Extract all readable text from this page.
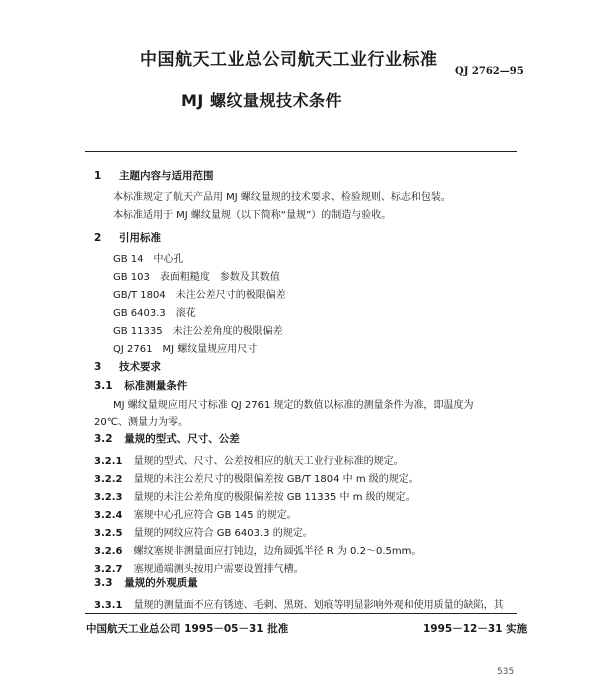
中国航天工业总公司航天工业行业标准
QJ 2762—95
MJ 螺纹量规技术条件
1 主题内容与适用范围
本标准规定了航天产品用 MJ 螺纹量规的技术要求、检验规则、标志和包装。
本标准适用于 MJ 螺纹量规（以下简称“量规”）的制造与验收。
2 引用标准
GB 14　中心孔
GB 103　表面粗糙度　参数及其数值
GB/T 1804　未注公差尺寸的极限偏差
GB 6403.3　滚花
GB 11335　未注公差角度的极限偏差
QJ 2761　MJ 螺纹量规应用尺寸
3 技术要求
3.1 标准测量条件
MJ 螺纹量规应用尺寸标准 QJ 2761 规定的数值以标准的测量条件为准，即温度为
20℃、测量力为零。
3.2 量规的型式、尺寸、公差
3.2.1 量规的型式、尺寸、公差按相应的航天工业行业标准的规定。
3.2.2 量规的未注公差尺寸的极限偏差按 GB/T 1804 中 m 级的规定。
3.2.3 量规的未注公差角度的极限偏差按 GB 11335 中 m 级的规定。
3.2.4 塞规中心孔应符合 GB 145 的规定。
3.2.5 量规的网纹应符合 GB 6403.3 的规定。
3.2.6 螺纹塞规非测量面应打钝边，边角圆弧半径 R 为 0.2～0.5mm。
3.2.7 塞规通端测头按用户需要设置排气槽。
3.3 量规的外观质量
3.3.1 量规的测量面不应有锈迹、毛刺、黑斑、划痕等明显影响外观和使用质量的缺陷，其
中国航天工业总公司 1995－05－31 批准	1995－12－31 实施
535
